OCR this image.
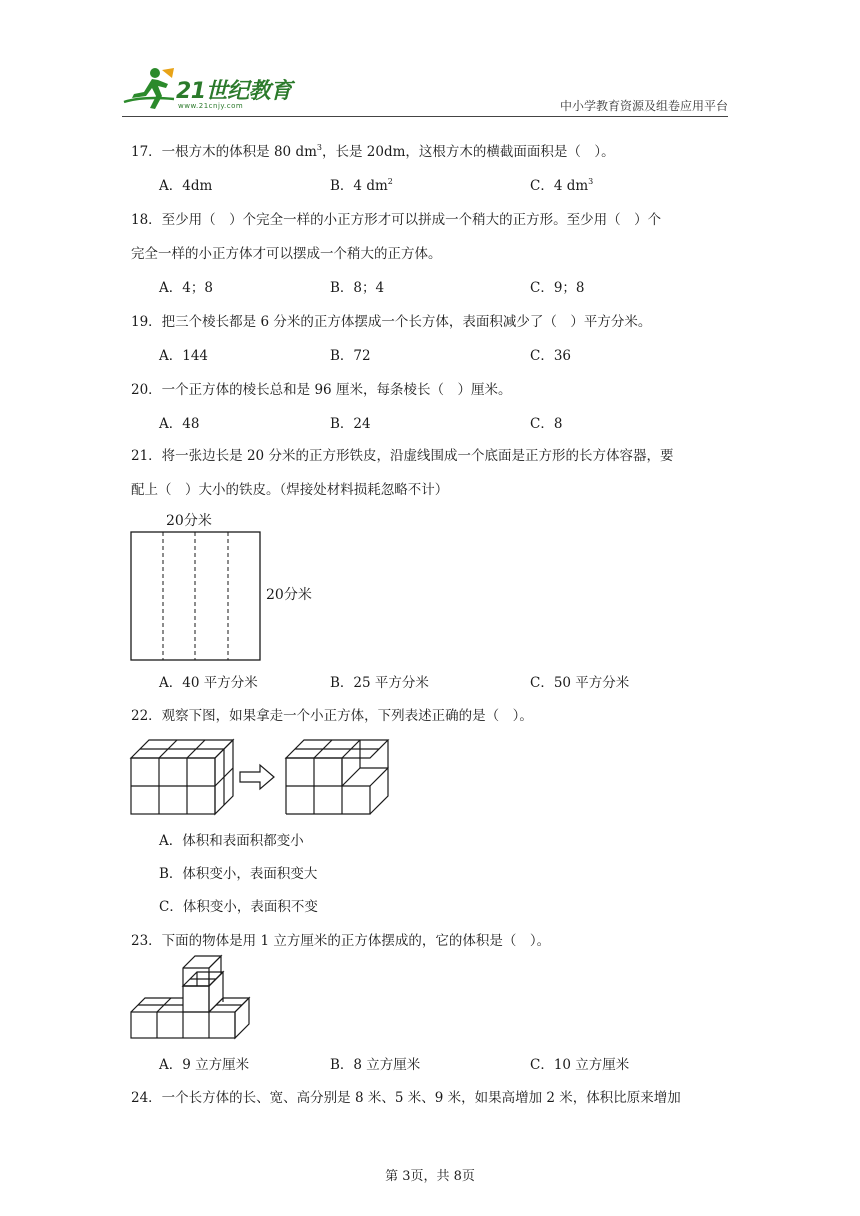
21世纪教育
www.21cnjy.com	中小学教育资源及组卷应用平台
17．一根方木的体积是 80 $dm^3$，长是 20dm，这根方木的横截面面积是（　）。
A．4dm	B．4 $dm^2$	C．4 $dm^3$
18．至少用（　）个完全一样的小正方形才可以拼成一个稍大的正方形。至少用（　）个
完全一样的小正方体才可以摆成一个稍大的正方体。
A．4；8	B．8；4	C．9；8
19．把三个棱长都是 6 分米的正方体摆成一个长方体，表面积减少了（　）平方分米。
A．144	B．72	C．36
20．一个正方体的棱长总和是 96 厘米，每条棱长（　）厘米。
A．48	B．24	C．8
21．将一张边长是 20 分米的正方形铁皮，沿虚线围成一个底面是正方形的长方体容器，要
配上（　）大小的铁皮。（焊接处材料损耗忽略不计）
20分米
20分米
A．40 平方分米	B．25 平方分米	C．50 平方分米
22．观察下图，如果拿走一个小正方体，下列表述正确的是（　）。
A．体积和表面积都变小
B．体积变小，表面积变大
C．体积变小，表面积不变
23．下面的物体是用 1 立方厘米的正方体摆成的，它的体积是（　）。
A．9 立方厘米	B．8 立方厘米	C．10 立方厘米
24．一个长方体的长、宽、高分别是 8 米、5 米、9 米，如果高增加 2 米，体积比原来增加
第 3页，共 8页
